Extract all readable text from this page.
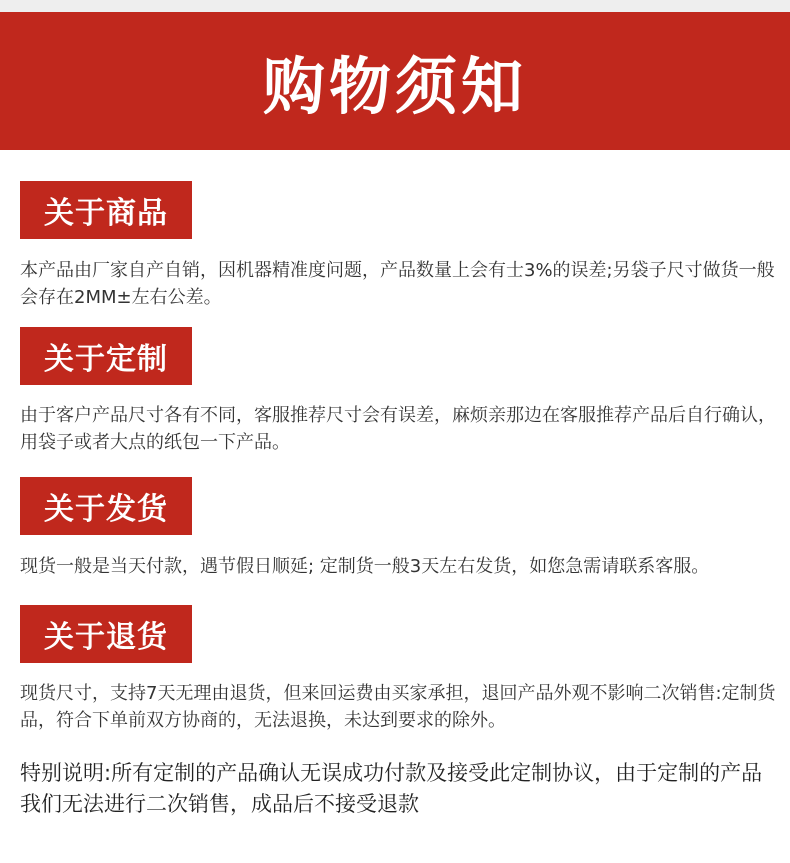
购物须知
关于商品
本产品由厂家自产自销，因机器精准度问题，产品数量上会有士3%的误差;另袋子尺寸做货一般会存在2MM±左右公差。
关于定制
由于客户产品尺寸各有不同，客服推荐尺寸会有误差，麻烦亲那边在客服推荐产品后自行确认，用袋子或者大点的纸包一下产品。
关于发货
现货一般是当天付款，遇节假日顺延; 定制货一般3天左右发货，如您急需请联系客服。
关于退货
现货尺寸，支持7天无理由退货，但来回运费由买家承担，退回产品外观不影响二次销售:定制货品，符合下单前双方协商的，无法退换，未达到要求的除外。
特别说明:所有定制的产品确认无误成功付款及接受此定制协议，由于定制的产品我们无法进行二次销售，成品后不接受退款
